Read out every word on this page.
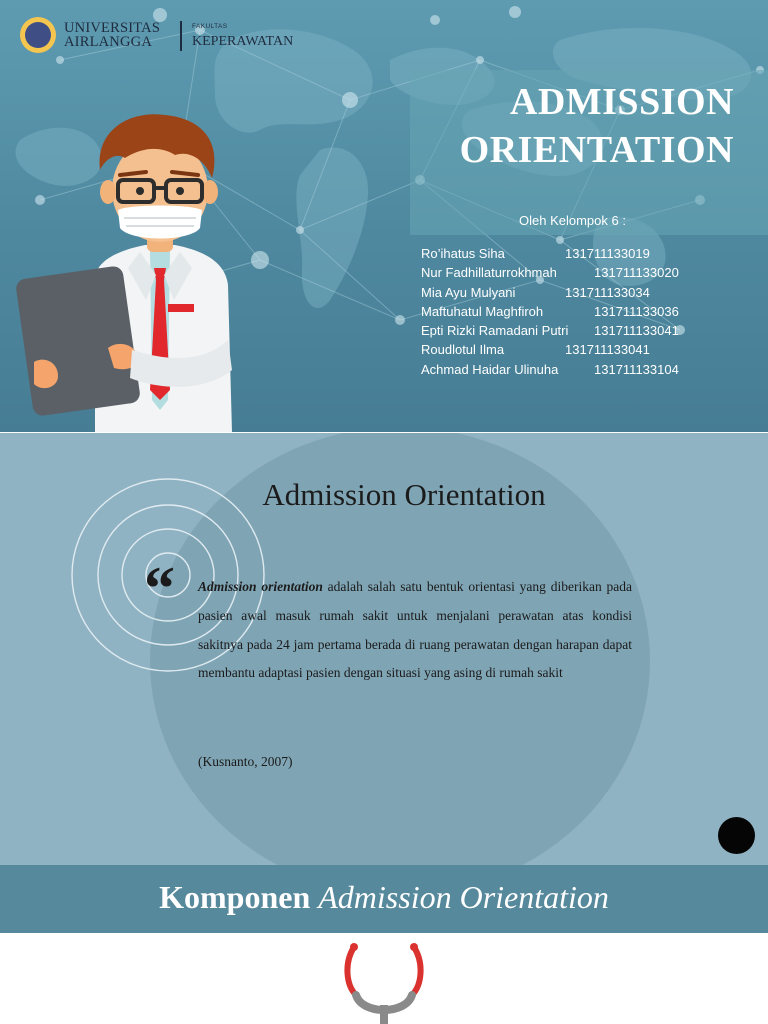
UNIVERSITAS
AIRLANGGA
FAKULTAS
KEPERAWATAN
ADMISSION
ORIENTATION
Oleh Kelompok 6 :
Ro’ihatus Siha	131711133019
Nur Fadhillaturrokhmah	131711133020
Mia Ayu Mulyani	131711133034
Maftuhatul Maghfiroh	131711133036
Epti Rizki Ramadani Putri 131711133041
Roudlotul Ilma	131711133041
Achmad Haidar Ulinuha	131711133104
Admission Orientation
“ Admission orientation adalah salah satu bentuk orientasi yang diberikan pada pasien awal masuk rumah sakit untuk menjalani perawatan atas kondisi sakitnya pada 24 jam pertama berada di ruang perawatan dengan harapan dapat membantu adaptasi pasien dengan situasi yang asing di rumah sakit
(Kusnanto, 2007)
Komponen Admission Orientation
